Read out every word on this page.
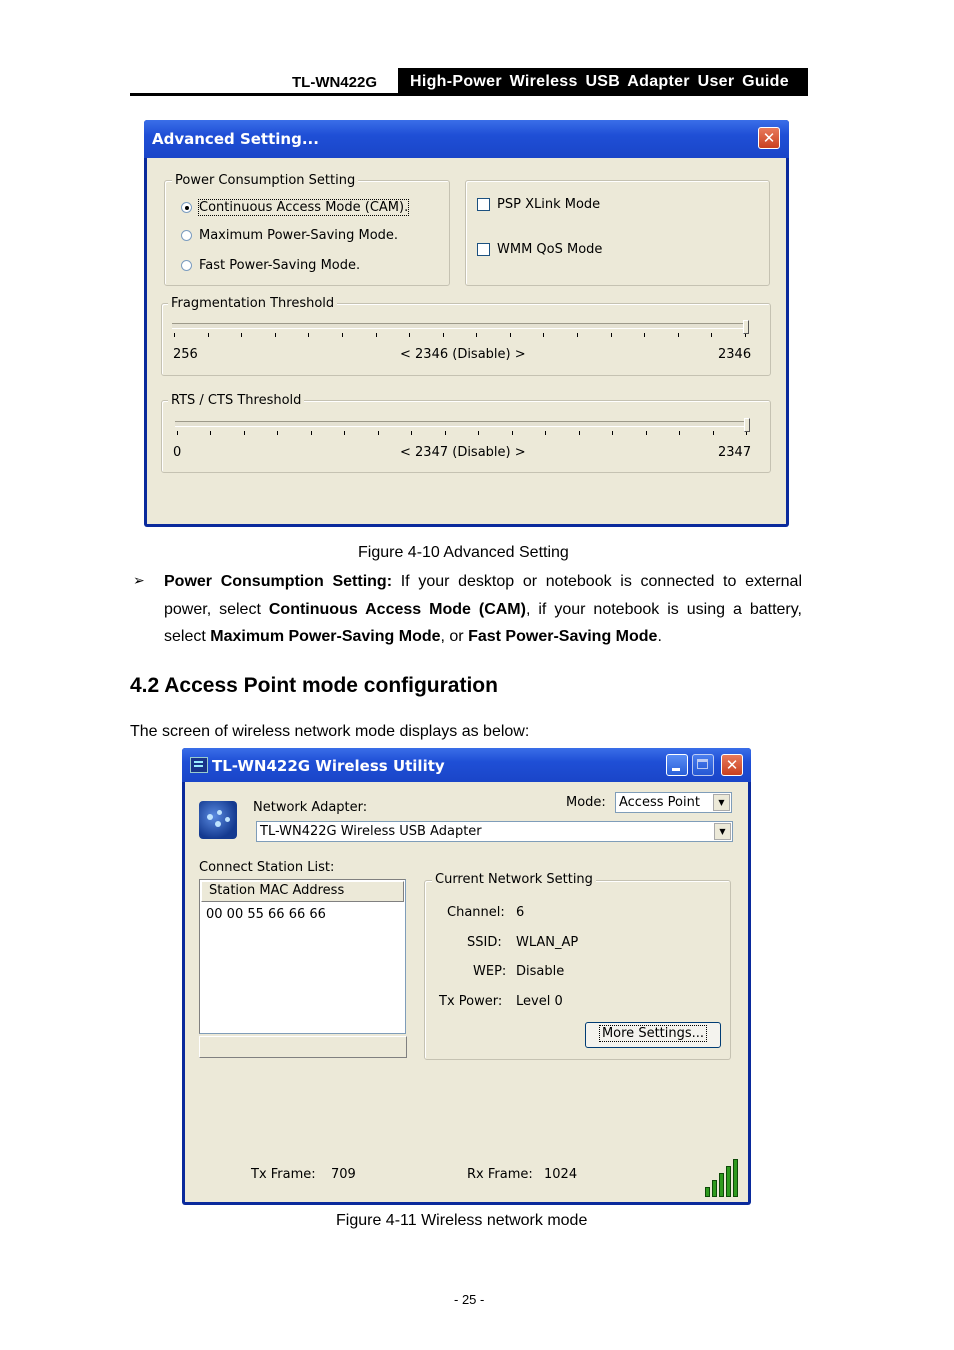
TL-WN422G	High-Power Wireless USB Adapter User Guide
Advanced Setting...	✕
Power Consumption Setting
Continuous Access Mode (CAM).
Maximum Power-Saving Mode.
Fast Power-Saving Mode.
PSP XLink Mode
WMM QoS Mode
Fragmentation Threshold
256	< 2346 (Disable) >	2346
RTS / CTS Threshold
0	< 2347 (Disable) >	2347
Figure 4-10 Advanced Setting
➢ Power Consumption Setting: If your desktop or notebook is connected to external power, select Continuous Access Mode (CAM), if your notebook is using a battery, select Maximum Power-Saving Mode, or Fast Power-Saving Mode.
4.2 Access Point mode configuration
The screen of wireless network mode displays as below:
TL-WN422G Wireless Utility	✕
Network Adapter:	Mode:	Access Point	▼
TL-WN422G Wireless USB Adapter	▼
Connect Station List:
Station MAC Address
00 00 55 66 66 66
Current Network Setting
Channel: 6
SSID: WLAN_AP
WEP: Disable
Tx Power: Level 0
More Settings...
Tx Frame: 709	Rx Frame: 1024
Figure 4-11 Wireless network mode
- 25 -
